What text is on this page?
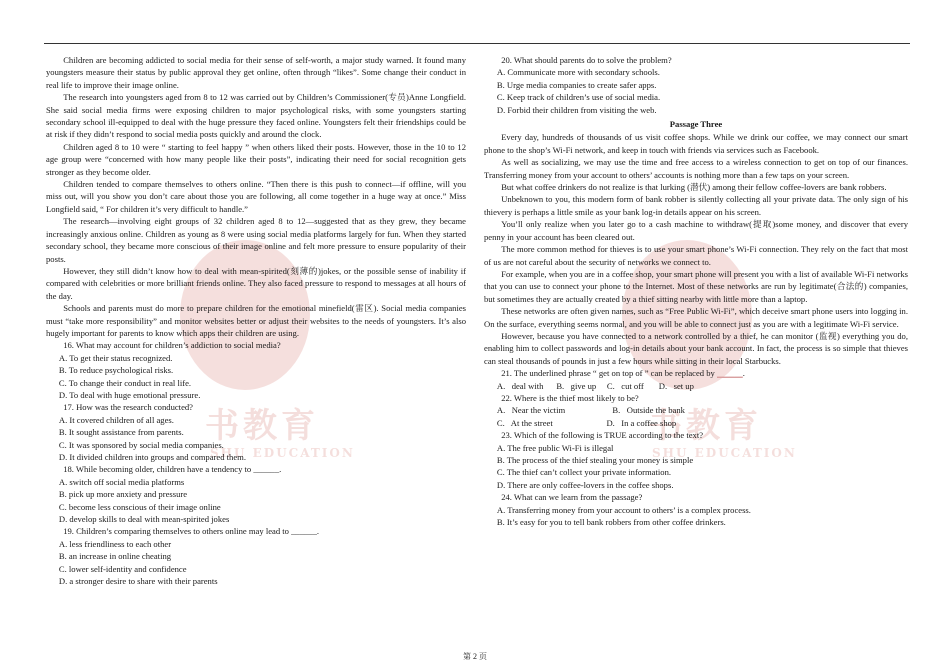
书教育
SHU EDUCATION
书教育
SHU EDUCATION

Children are becoming addicted to social media for their sense of self-worth, a major study warned. It found many youngsters measure their status by public approval they get online, often through “likes”. Some change their conduct in real life to improve their image online.

The research into youngsters aged from 8 to 12 was carried out by Children’s Commissioner(专员)Anne Longfield. She said social media firms were exposing children to major psychological risks, with some youngsters starting secondary school ill-equipped to deal with the huge pressure they faced online. Youngsters felt their friendships could be at risk if they didn’t respond to social media posts quickly and around the clock.

Children aged 8 to 10 were “ starting to feel happy ” when others liked their posts. However, those in the 10 to 12 age group were “concerned with how many people like their posts”, indicating their need for social recognition gets stronger as they become older.

Children tended to compare themselves to others online. “Then there is this push to connect—if offline, will you miss out, will you show you don’t care about those you are following, all come together in a huge way at once.” Miss Longfield said, “ For children it’s very difficult to handle.”

The research—involving eight groups of 32 children aged 8 to 12—suggested that as they grew, they became increasingly anxious online. Children as young as 8 were using social media platforms largely for fun. When they started secondary school, they became more conscious of their image online and felt more pressure to ensure popularity of their posts.

However, they still didn’t know how to deal with mean-spirited(刻薄的)jokes, or the possible sense of inability if compared with celebrities or more brilliant friends online. They also faced pressure to respond to messages at all hours of the day.

Schools and parents must do more to prepare children for the emotional minefield(雷区). Social media companies must “take more responsibility” and monitor websites better or adjust their websites to the needs of youngsters. It’s also hugely important for parents to know which apps their children are using.

16. What may account for children’s addiction to social media?

A. To get their status recognized.

B. To reduce psychological risks.

C. To change their conduct in real life.

D. To deal with huge emotional pressure.

17. How was the research conducted?

A. It covered children of all ages.

B. It sought assistance from parents.

C. It was sponsored by social media companies.

D. It divided children into groups and compared them.

18. While becoming older, children have a tendency to ______.

A. switch off social media platforms

B. pick up more anxiety and pressure

C. become less conscious of their image online

D. develop skills to deal with mean-spirited jokes

19. Children’s comparing themselves to others online may lead to ______.

A. less friendliness to each other

B. an increase in online cheating

C. lower self-identity and confidence

D. a stronger desire to share with their parents

20. What should parents do to solve the problem?

A. Communicate more with secondary schools.

B. Urge media companies to create safer apps.

C. Keep track of children’s use of social media.

D. Forbid their children from visiting the web.

Passage Three

Every day, hundreds of thousands of us visit coffee shops. While we drink our coffee, we may connect our smart phone to the shop’s Wi-Fi network, and keep in touch with friends via services such as Facebook.

As well as socializing, we may use the time and free access to a wireless connection to get on top of our finances. Transferring money from your account to others’ accounts is nothing more than a few taps on your screen.

But what coffee drinkers do not realize is that lurking (潜伏) among their fellow coffee-lovers are bank robbers.

Unbeknown to you, this modern form of bank robber is silently collecting all your private data. The only sign of his thievery is perhaps a little smile as your bank log-in details appear on his screen.

You’ll only realize when you later go to a cash machine to withdraw(提取)some money, and discover that every penny in your account has been cleared out.

The more common method for thieves is to use your smart phone’s Wi-Fi connection. They rely on the fact that most of us are not careful about the security of networks we connect to.

For example, when you are in a coffee shop, your smart phone will present you with a list of available Wi-Fi networks that you can use to connect your phone to the Internet. Most of these networks are run by legitimate(合法的) companies, but sometimes they are actually created by a thief sitting nearby with little more than a laptop.

These networks are often given names, such as “Free Public Wi-Fi”, which deceive smart phone users into logging in. On the surface, everything seems normal, and you will be able to connect just as you are with a legitimate Wi-Fi service.

However, because you have connected to a network controlled by a thief, he can monitor (监视) everything you do, enabling him to collect passwords and log-in details about your bank account. In fact, the process is so simple that thieves can steal thousands of pounds in just a few hours while sitting in their local Starbucks.

21. The underlined phrase “ get on top of ” can be replaced by ______.

A.   deal with      B.   give up     C.   cut off       D.   set up

22. Where is the thief most likely to be?

A.   Near the victim                      B.   Outside the bank

C.   At the street                         D.   In a coffee shop

23. Which of the following is TRUE according to the text?

A. The free public Wi-Fi is illegal

B. The process of the thief stealing your money is simple

C. The thief can’t collect your private information.

D. There are only coffee-lovers in the coffee shops.

24. What can we learn from the passage?

A. Transferring money from your account to others’ is a complex process.

B. It’s easy for you to tell bank robbers from other coffee drinkers.

第 2 页
